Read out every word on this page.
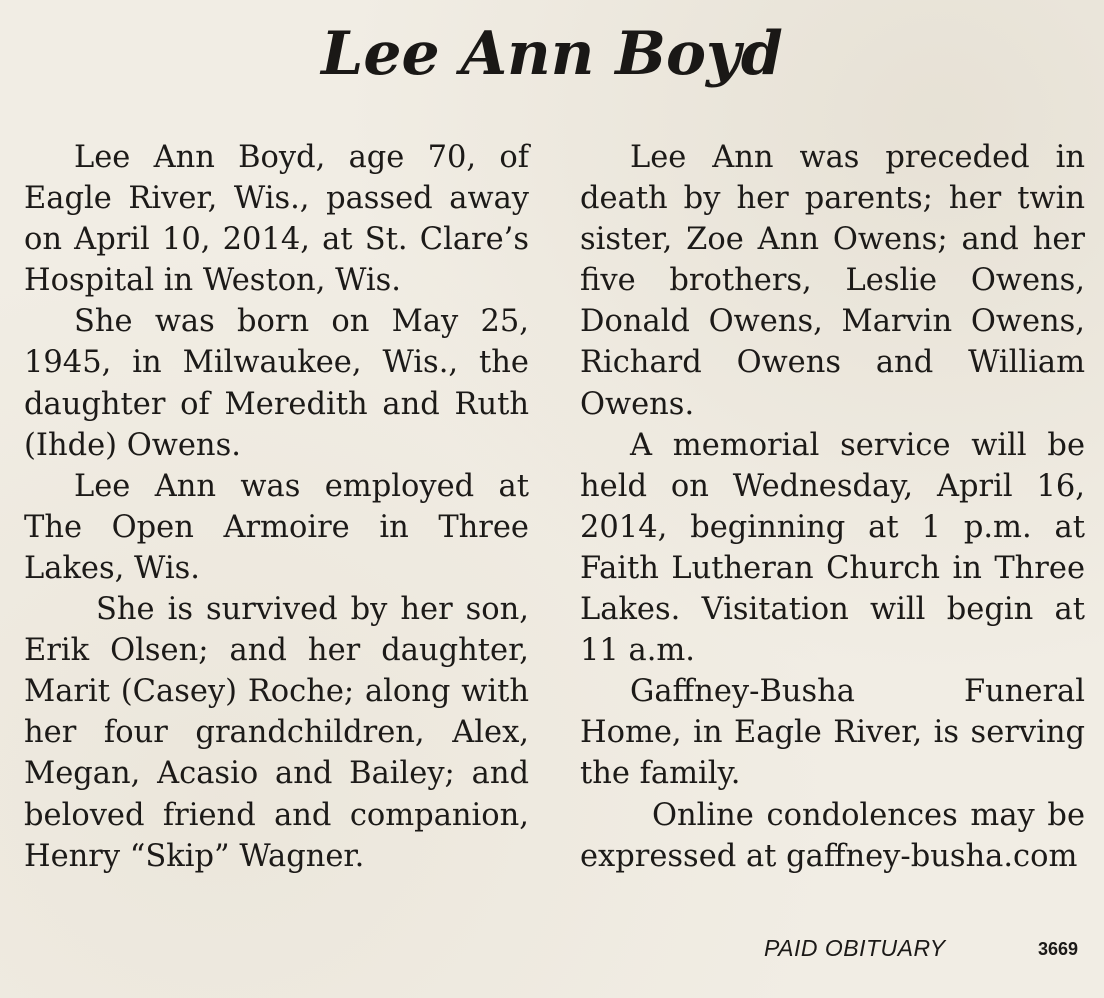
Lee Ann Boyd

Lee Ann Boyd, age 70, of Eagle River, Wis., passed away on April 10, 2014, at St. Clare’s Hospital in Weston, Wis.

She was born on May 25, 1945, in Milwaukee, Wis., the daughter of Meredith and Ruth (Ihde) Owens.

Lee Ann was employed at The Open Armoire in Three Lakes, Wis.

She is survived by her son, Erik Olsen; and her daughter, Marit (Casey) Roche; along with her four grandchildren, Alex, Megan, Acasio and Bailey; and beloved friend and companion, Henry “Skip” Wagner.

Lee Ann was preceded in death by her parents; her twin sister, Zoe Ann Owens; and her five brothers, Leslie Owens, Donald Owens, Marvin Owens, Richard Owens and William Owens.

A memorial service will be held on Wednesday, April 16, 2014, beginning at 1 p.m. at Faith Lutheran Church in Three Lakes. Visitation will begin at 11 a.m.

Gaffney-Busha Funeral Home, in Eagle River, is serving the family.

Online condolences may be expressed at gaffney-busha.com

PAID OBITUARY	3669
